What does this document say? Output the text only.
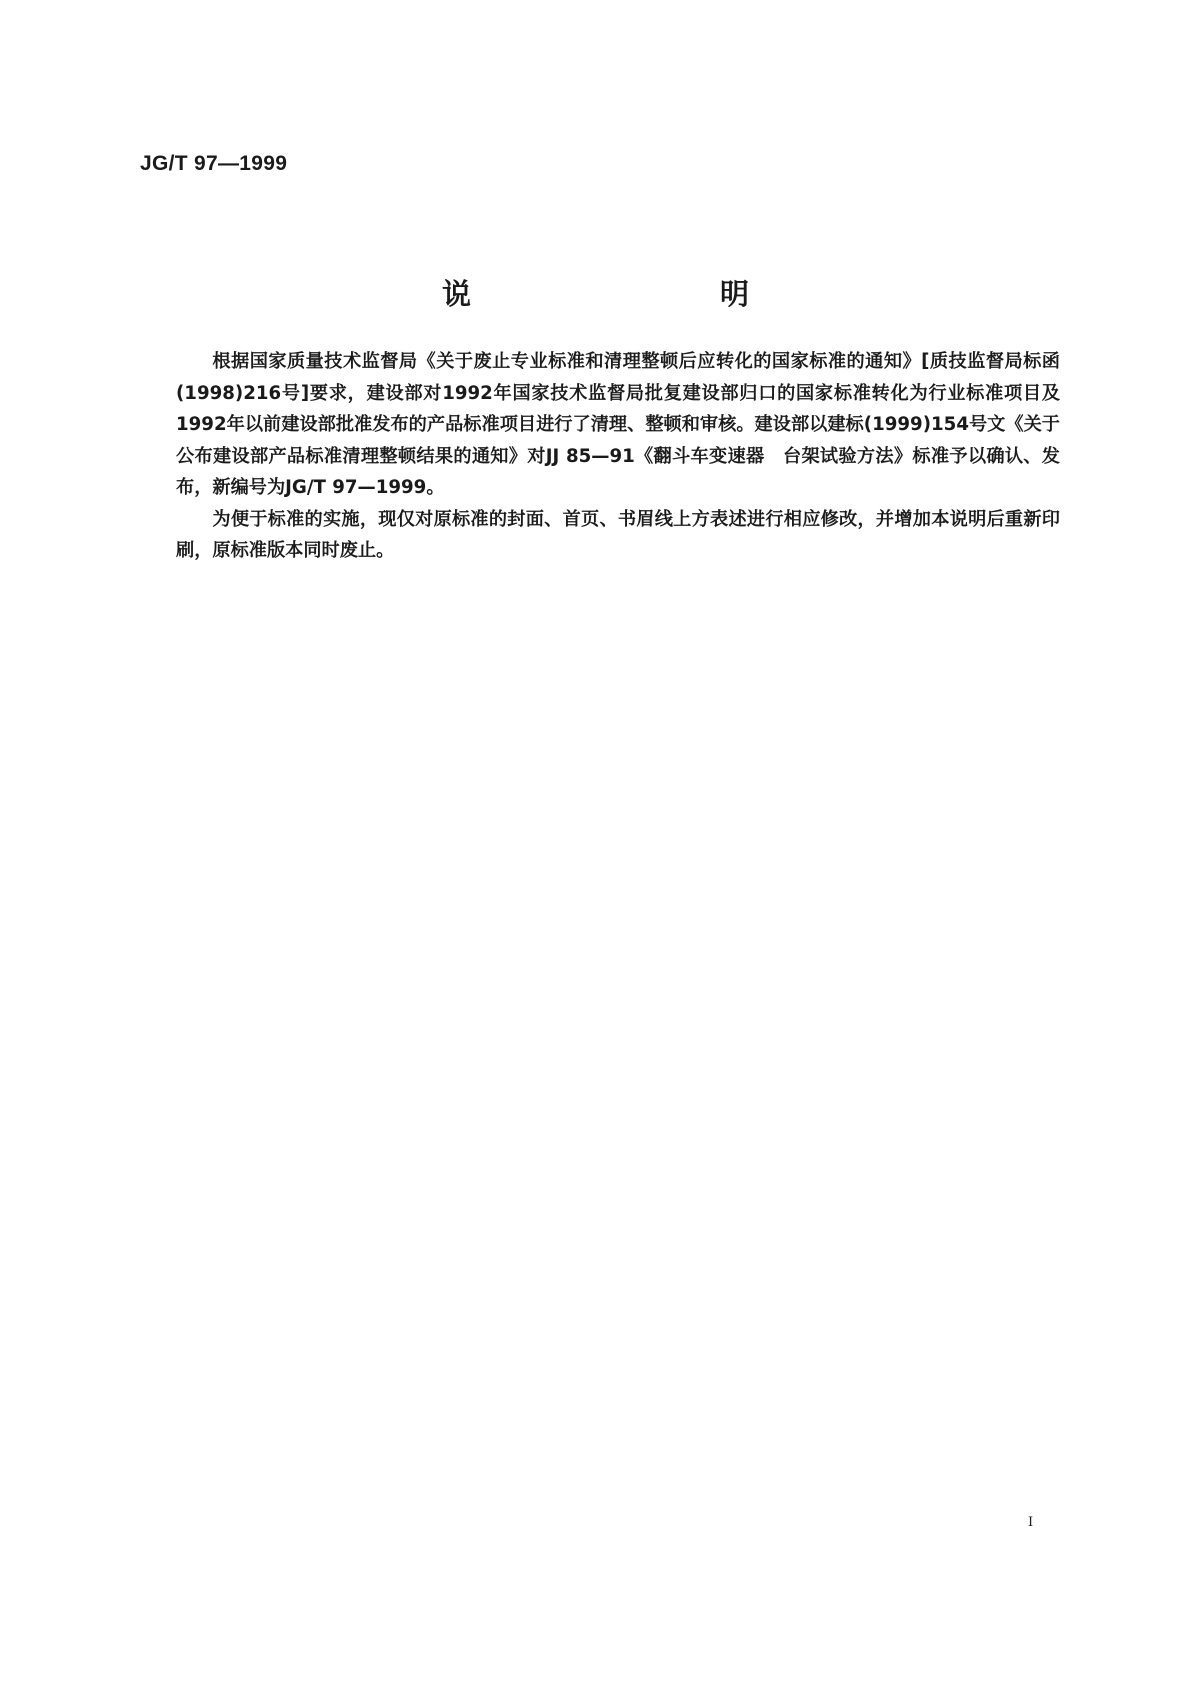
JG/T 97—1999
说　明

根据国家质量技术监督局《关于废止专业标准和清理整顿后应转化的国家标准的通知》[质技监督局标函(1998)216号]要求，建设部对1992年国家技术监督局批复建设部归口的国家标准转化为行业标准项目及1992年以前建设部批准发布的产品标准项目进行了清理、整顿和审核。建设部以建标(1999)154号文《关于公布建设部产品标准清理整顿结果的通知》对JJ 85—91《翻斗车变速器　台架试验方法》标准予以确认、发布，新编号为JG/T 97—1999。

为便于标准的实施，现仅对原标准的封面、首页、书眉线上方表述进行相应修改，并增加本说明后重新印刷，原标准版本同时废止。

I
